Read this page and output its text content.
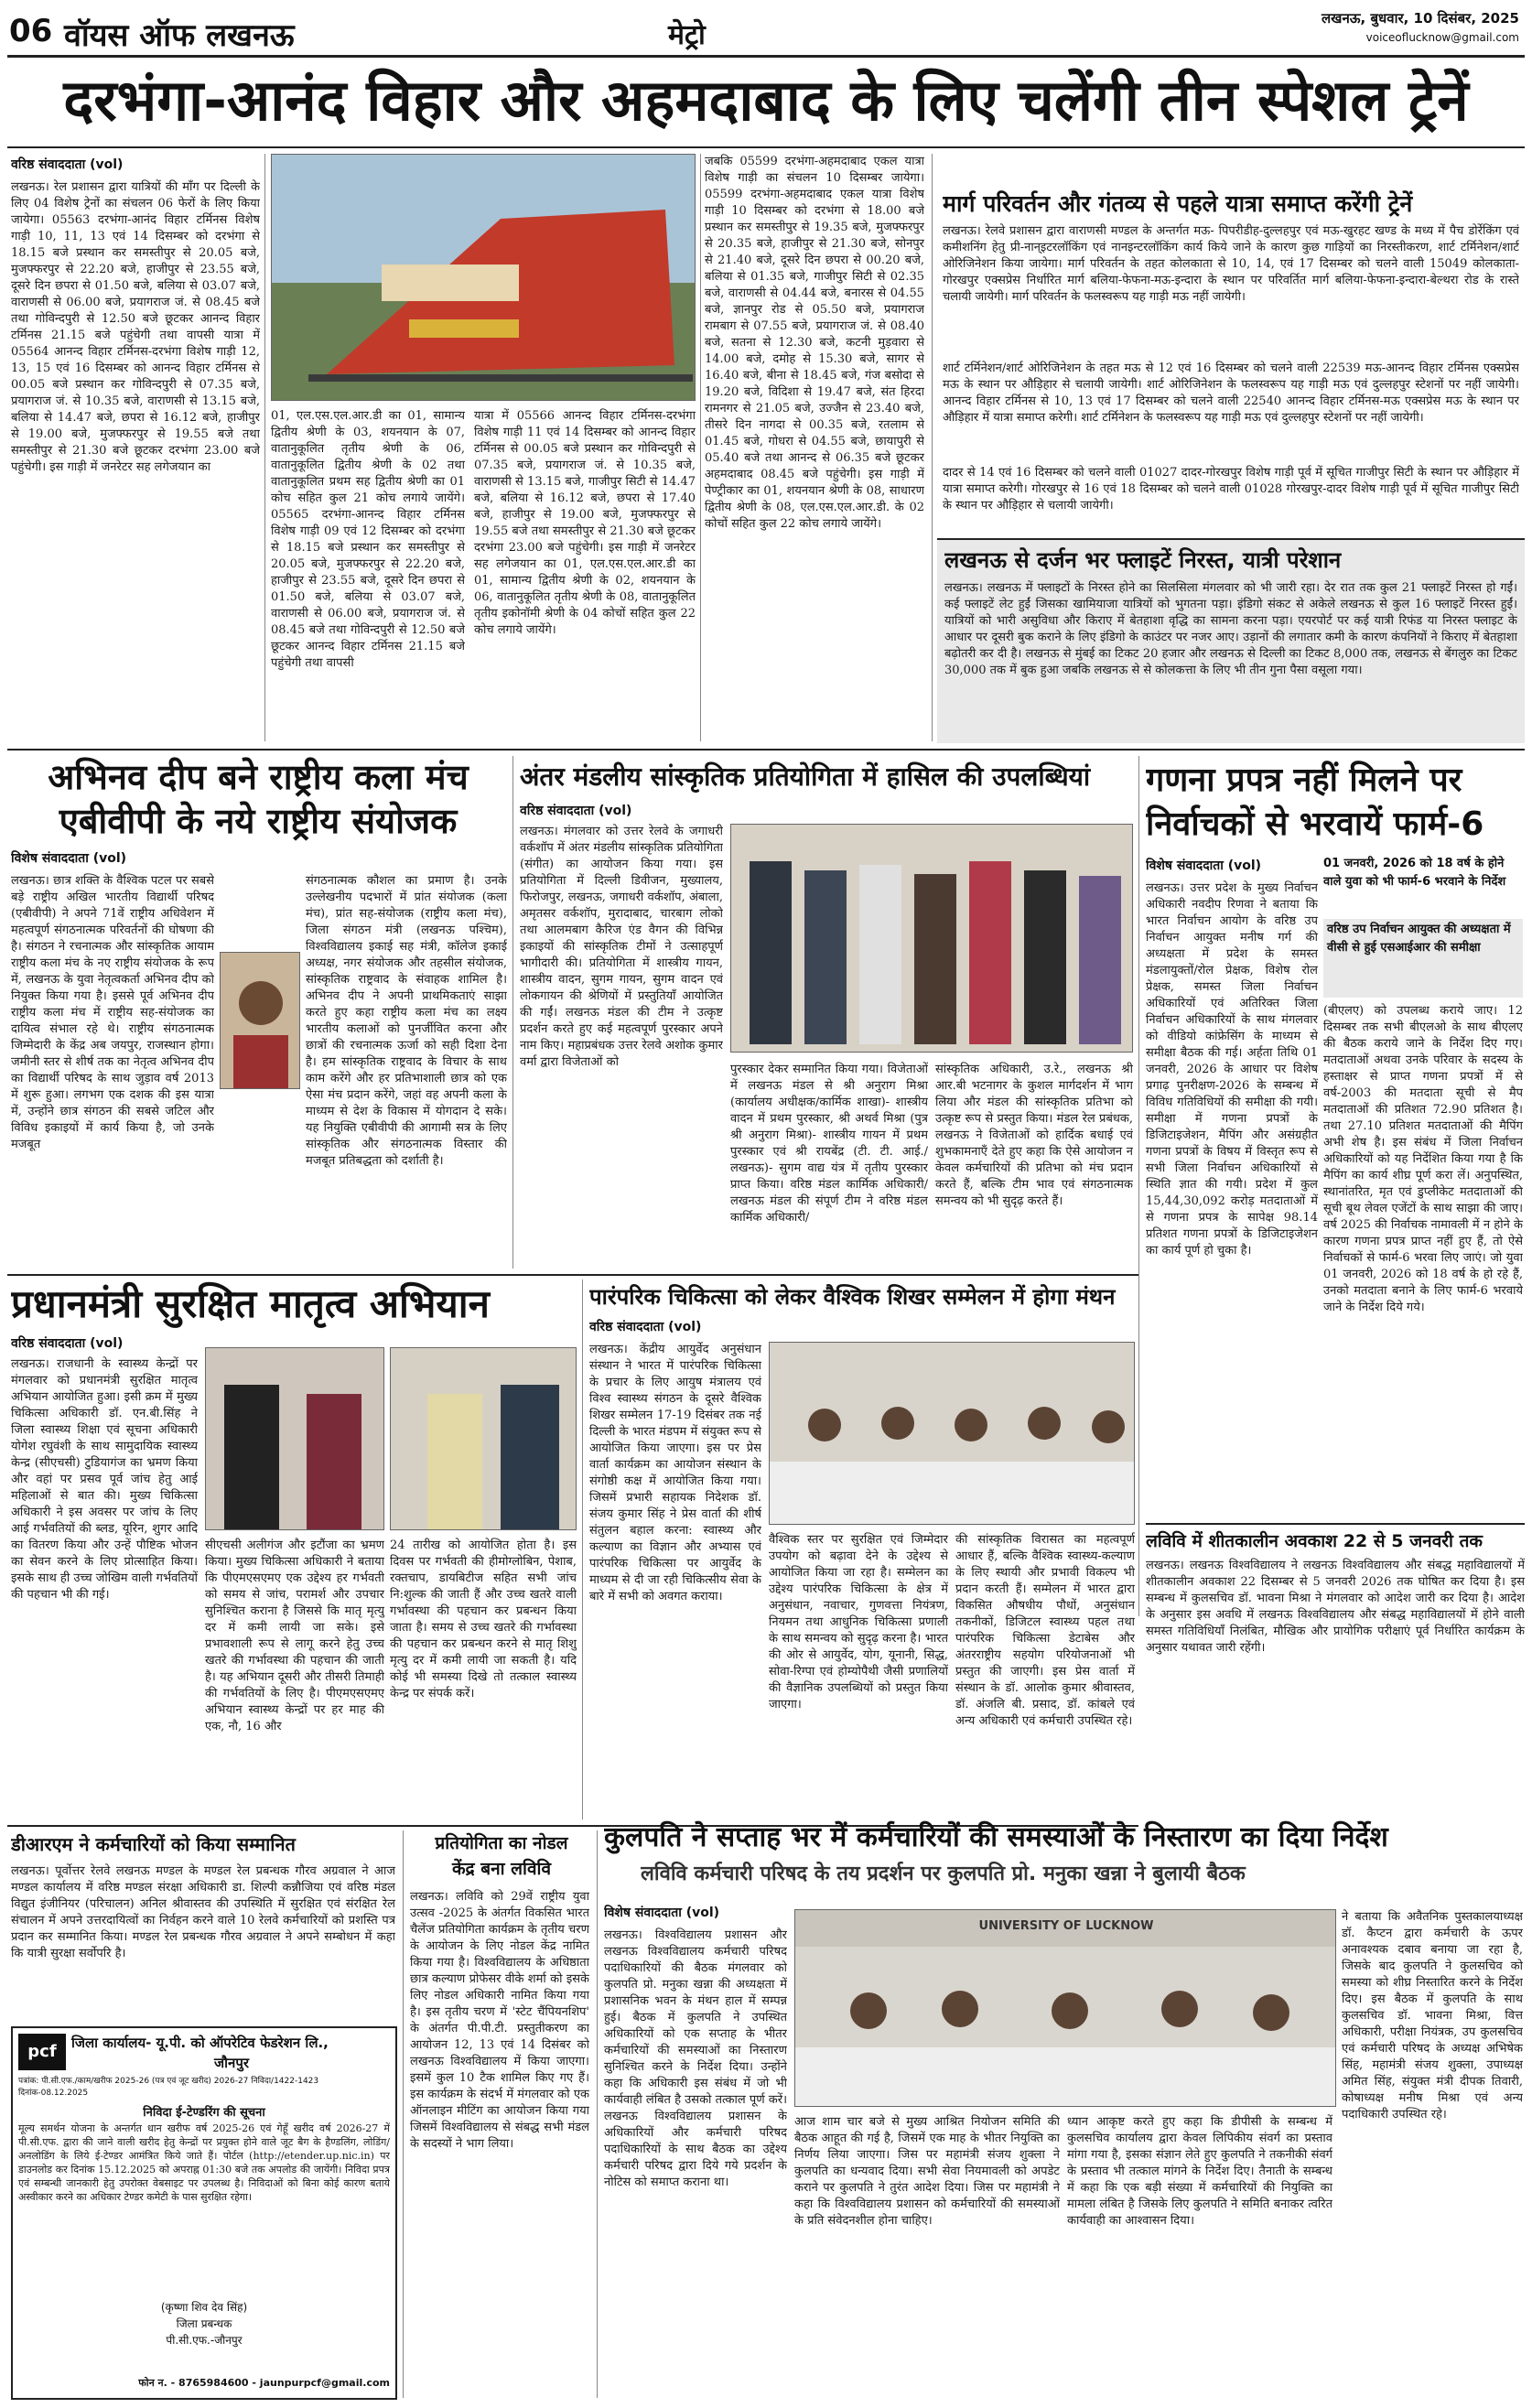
06 वॉयस ऑफ लखनऊ	मेट्रो
लखनऊ, बुधवार, 10 दिसंबर, 2025
voiceoflucknow@gmail.com
दरभंगा-आनंद विहार और अहमदाबाद के लिए चलेंगी तीन स्पेशल ट्रेनें
वरिष्ठ संवाददाता (vol)
लखनऊ। रेल प्रशासन द्वारा यात्रियों की माँग पर दिल्ली के लिए 04 विशेष ट्रेनों का संचलन 06 फेरों के लिए किया जायेगा। 05563 दरभंगा-आनंद विहार टर्मिनस विशेष गाड़ी 10, 11, 13 एवं 14 दिसम्बर को दरभंगा से 18.15 बजे प्रस्थान कर समस्तीपुर से 20.05 बजे, मुजफ्फरपुर से 22.20 बजे, हाजीपुर से 23.55 बजे, दूसरे दिन छपरा से 01.50 बजे, बलिया से 03.07 बजे, वाराणसी से 06.00 बजे, प्रयागराज जं. से 08.45 बजे तथा गोविन्दपुरी से 12.50 बजे छूटकर आनन्द विहार टर्मिनस 21.15 बजे पहुंचेगी तथा वापसी यात्रा में 05564 आनन्द विहार टर्मिनस-दरभंगा विशेष गाड़ी 12, 13, 15 एवं 16 दिसम्बर को आनन्द विहार टर्मिनस से 00.05 बजे प्रस्थान कर गोविन्दपुरी से 07.35 बजे, प्रयागराज जं. से 10.35 बजे, वाराणसी से 13.15 बजे, बलिया से 14.47 बजे, छपरा से 16.12 बजे, हाजीपुर से 19.00 बजे, मुजफ्फरपुर से 19.55 बजे तथा समस्तीपुर से 21.30 बजे छूटकर दरभंगा 23.00 बजे पहुंचेगी। इस गाड़ी में जनरेटर सह लगेजयान का
01, एल.एस.एल.आर.डी का 01, सामान्य द्वितीय श्रेणी के 03, शयनयान के 07, वातानुकूलित तृतीय श्रेणी के 06, वातानुकूलित द्वितीय श्रेणी के 02 तथा वातानुकूलित प्रथम सह द्वितीय श्रेणी का 01 कोच सहित कुल 21 कोच लगाये जायेंगे। 05565 दरभंगा-आनन्द विहार टर्मिनस विशेष गाड़ी 09 एवं 12 दिसम्बर को दरभंगा से 18.15 बजे प्रस्थान कर समस्तीपुर से 20.05 बजे, मुजफ्फरपुर से 22.20 बजे, हाजीपुर से 23.55 बजे, दूसरे दिन छपरा से 01.50 बजे, बलिया से 03.07 बजे, वाराणसी से 06.00 बजे, प्रयागराज जं. से 08.45 बजे तथा गोविन्दपुरी से 12.50 बजे छूटकर आनन्द विहार टर्मिनस 21.15 बजे पहुंचेगी तथा वापसी
यात्रा में 05566 आनन्द विहार टर्मिनस-दरभंगा विशेष गाड़ी 11 एवं 14 दिसम्बर को आनन्द विहार टर्मिनस से 00.05 बजे प्रस्थान कर गोविन्दपुरी से 07.35 बजे, प्रयागराज जं. से 10.35 बजे, वाराणसी से 13.15 बजे, गाजीपुर सिटी से 14.47 बजे, बलिया से 16.12 बजे, छपरा से 17.40 बजे, हाजीपुर से 19.00 बजे, मुजफ्फरपुर से 19.55 बजे तथा समस्तीपुर से 21.30 बजे छूटकर दरभंगा 23.00 बजे पहुंचेगी। इस गाड़ी में जनरेटर सह लगेजयान का 01, एल.एस.एल.आर.डी का 01, सामान्य द्वितीय श्रेणी के 02, शयनयान के 06, वातानुकूलित तृतीय श्रेणी के 08, वातानुकूलित तृतीय इकोनॉमी श्रेणी के 04 कोचों सहित कुल 22 कोच लगाये जायेंगे।
जबकि 05599 दरभंगा-अहमदाबाद एकल यात्रा विशेष गाड़ी का संचलन 10 दिसम्बर जायेगा। 05599 दरभंगा-अहमदाबाद एकल यात्रा विशेष गाड़ी 10 दिसम्बर को दरभंगा से 18.00 बजे प्रस्थान कर समस्तीपुर से 19.35 बजे, मुजफ्फरपुर से 20.35 बजे, हाजीपुर से 21.30 बजे, सोनपुर से 21.40 बजे, दूसरे दिन छपरा से 00.20 बजे, बलिया से 01.35 बजे, गाजीपुर सिटी से 02.35 बजे, वाराणसी से 04.44 बजे, बनारस से 04.55 बजे, ज्ञानपुर रोड से 05.50 बजे, प्रयागराज रामबाग से 07.55 बजे, प्रयागराज जं. से 08.40 बजे, सतना से 12.30 बजे, कटनी मुड़वारा से 14.00 बजे, दमोह से 15.30 बजे, सागर से 16.40 बजे, बीना से 18.45 बजे, गंज बसोदा से 19.20 बजे, विदिशा से 19.47 बजे, संत हिरदा रामनगर से 21.05 बजे, उज्जैन से 23.40 बजे, तीसरे दिन नागदा से 00.35 बजे, रतलाम से 01.45 बजे, गोधरा से 04.55 बजे, छायापुरी से 05.40 बजे तथा आनन्द से 06.35 बजे छूटकर अहमदाबाद 08.45 बजे पहुंचेगी। इस गाड़ी में पेण्ट्रीकार का 01, शयनयान श्रेणी के 08, साधारण द्वितीय श्रेणी के 08, एल.एस.एल.आर.डी. के 02 कोचों सहित कुल 22 कोच लगाये जायेंगे।
मार्ग परिवर्तन और गंतव्य से पहले यात्रा समाप्त करेंगी ट्रेनें
लखनऊ। रेलवे प्रशासन द्वारा वाराणसी मण्डल के अन्तर्गत मऊ- पिपरीडीह-दुल्लहपुर एवं मऊ-खुरहट खण्ड के मध्य में पैच डोर्रेकिंग एवं कमीशनिंग हेतु प्री-नान्इटरलॉकिंग एवं नानइन्टरलॉकिंग कार्य किये जाने के कारण कुछ गाड़ियों का निरस्तीकरण, शार्ट टर्मिनेशन/शार्ट ओरिजिनेशन किया जायेगा। मार्ग परिवर्तन के तहत कोलकाता से 10, 14, एवं 17 दिसम्बर को चलने वाली 15049 कोलकाता-गोरखपुर एक्सप्रेस निर्धारित मार्ग बलिया-फेफना-मऊ-इन्दारा के स्थान पर परिवर्तित मार्ग बलिया-फेफना-इन्दारा-बेल्थरा रोड के रास्ते चलायी जायेगी। मार्ग परिवर्तन के फलस्वरूप यह गाड़ी मऊ नहीं जायेगी।
शार्ट टर्मिनेशन/शार्ट ओरिजिनेशन के तहत मऊ से 12 एवं 16 दिसम्बर को चलने वाली 22539 मऊ-आनन्द विहार टर्मिनस एक्सप्रेस मऊ के स्थान पर औड़िहार से चलायी जायेगी। शार्ट ओरिजिनेशन के फलस्वरूप यह गाड़ी मऊ एवं दुल्लहपुर स्टेशनों पर नहीं जायेगी। आनन्द विहार टर्मिनस से 10, 13 एवं 17 दिसम्बर को चलने वाली 22540 आनन्द विहार टर्मिनस-मऊ एक्सप्रेस मऊ के स्थान पर औड़िहार में यात्रा समाप्त करेगी। शार्ट टर्मिनेशन के फलस्वरूप यह गाड़ी मऊ एवं दुल्लहपुर स्टेशनों पर नहीं जायेगी।
दादर से 14 एवं 16 दिसम्बर को चलने वाली 01027 दादर-गोरखपुर विशेष गाड़ी पूर्व में सूचित गाजीपुर सिटी के स्थान पर औड़िहार में यात्रा समाप्त करेगी। गोरखपुर से 16 एवं 18 दिसम्बर को चलने वाली 01028 गोरखपुर-दादर विशेष गाड़ी पूर्व में सूचित गाजीपुर सिटी के स्थान पर औड़िहार से चलायी जायेगी।
लखनऊ से दर्जन भर फ्लाइटें निरस्त, यात्री परेशान
लखनऊ। लखनऊ में फ्लाइटों के निरस्त होने का सिलसिला मंगलवार को भी जारी रहा। देर रात तक कुल 21 फ्लाइटें निरस्त हो गईं। कई फ्लाइटें लेट हुईं जिसका खामियाजा यात्रियों को भुगतना पड़ा। इंडिगो संकट से अकेले लखनऊ से कुल 16 फ्लाइटें निरस्त हुईं। यात्रियों को भारी असुविधा और किराए में बेतहाशा वृद्धि का सामना करना पड़ा। एयरपोर्ट पर कई यात्री रिफंड या निरस्त फ्लाइट के आधार पर दूसरी बुक कराने के लिए इंडिगो के काउंटर पर नजर आए। उड़ानों की लगातार कमी के कारण कंपनियों ने किराए में बेतहाशा बढ़ोतरी कर दी है। लखनऊ से मुंबई का टिकट 20 हजार और लखनऊ से दिल्ली का टिकट 8,000 तक, लखनऊ से बेंगलुरु का टिकट 30,000 तक में बुक हुआ जबकि लखनऊ से से कोलकत्ता के लिए भी तीन गुना पैसा वसूला गया।
अभिनव दीप बने राष्ट्रीय कला मंच
एबीवीपी के नये राष्ट्रीय संयोजक
विशेष संवाददाता (vol)
लखनऊ। छात्र शक्ति के वैश्विक पटल पर सबसे बड़े राष्ट्रीय अखिल भारतीय विद्यार्थी परिषद (एबीवीपी) ने अपने 71वें राष्ट्रीय अधिवेशन में महत्वपूर्ण संगठनात्मक परिवर्तनों की घोषणा की है। संगठन ने रचनात्मक और सांस्कृतिक आयाम राष्ट्रीय कला मंच के नए राष्ट्रीय संयोजक के रूप में, लखनऊ के युवा नेतृत्वकर्ता अभिनव दीप को नियुक्त किया गया है। इससे पूर्व अभिनव दीप राष्ट्रीय कला मंच में राष्ट्रीय सह-संयोजक का दायित्व संभाल रहे थे। राष्ट्रीय संगठनात्मक जिम्मेदारी के केंद्र अब जयपुर, राजस्थान होगा। जमीनी स्तर से शीर्ष तक का नेतृत्व अभिनव दीप का विद्यार्थी परिषद के साथ जुड़ाव वर्ष 2013 में शुरू हुआ। लगभग एक दशक की इस यात्रा में, उन्होंने छात्र संगठन की सबसे जटिल और विविध इकाइयों में कार्य किया है, जो उनके मजबूत
संगठनात्मक कौशल का प्रमाण है। उनके उल्लेखनीय पदभारों में प्रांत संयोजक (कला मंच), प्रांत सह-संयोजक (राष्ट्रीय कला मंच), जिला संगठन मंत्री (लखनऊ पश्चिम), विश्वविद्यालय इकाई सह मंत्री, कॉलेज इकाई अध्यक्ष, नगर संयोजक और तहसील संयोजक, सांस्कृतिक राष्ट्रवाद के संवाहक शामिल है। अभिनव दीप ने अपनी प्राथमिकताएं साझा करते हुए कहा राष्ट्रीय कला मंच का लक्ष्य भारतीय कलाओं को पुनर्जीवित करना और छात्रों की रचनात्मक ऊर्जा को सही दिशा देना है। हम सांस्कृतिक राष्ट्रवाद के विचार के साथ काम करेंगे और हर प्रतिभाशाली छात्र को एक ऐसा मंच प्रदान करेंगे, जहां वह अपनी कला के माध्यम से देश के विकास में योगदान दे सके। यह नियुक्ति एबीवीपी की आगामी सत्र के लिए सांस्कृतिक और संगठनात्मक विस्तार की मजबूत प्रतिबद्धता को दर्शाती है।
अंतर मंडलीय सांस्कृतिक प्रतियोगिता में हासिल की उपलब्धियां
वरिष्ठ संवाददाता (vol)
लखनऊ। मंगलवार को उत्तर रेलवे के जगाधरी वर्कशॉप में अंतर मंडलीय सांस्कृतिक प्रतियोगिता (संगीत) का आयोजन किया गया। इस प्रतियोगिता में दिल्ली डिवीजन, मुख्यालय, फिरोजपुर, लखनऊ, जगाधरी वर्कशॉप, अंबाला, अमृतसर वर्कशॉप, मुरादाबाद, चारबाग लोको तथा आलमबाग कैरिज एंड वैगन की विभिन्न इकाइयों की सांस्कृतिक टीमों ने उत्साहपूर्ण भागीदारी की। प्रतियोगिता में शास्त्रीय गायन, शास्त्रीय वादन, सुगम गायन, सुगम वादन एवं लोकगायन की श्रेणियों में प्रस्तुतियाँ आयोजित की गईं। लखनऊ मंडल की टीम ने उत्कृष्ट प्रदर्शन करते हुए कई महत्वपूर्ण पुरस्कार अपने नाम किए। महाप्रबंधक उत्तर रेलवे अशोक कुमार वर्मा द्वारा विजेताओं को
पुरस्कार देकर सम्मानित किया गया। विजेताओं में लखनऊ मंडल से श्री अनुराग मिश्रा (कार्यालय अधीक्षक/कार्मिक शाखा)- शास्त्रीय वादन में प्रथम पुरस्कार, श्री अथर्व मिश्रा (पुत्र श्री अनुराग मिश्रा)- शास्त्रीय गायन में प्रथम पुरस्कार एवं श्री रायबेंद्र (टी. टी. आई./लखनऊ)- सुगम वाद्य यंत्र में तृतीय पुरस्कार प्राप्त किया। वरिष्ठ मंडल कार्मिक अधिकारी/लखनऊ मंडल की संपूर्ण टीम ने वरिष्ठ मंडल कार्मिक अधिकारी/
सांस्कृतिक अधिकारी, उ.रे., लखनऊ श्री आर.बी भटनागर के कुशल मार्गदर्शन में भाग लिया और मंडल की सांस्कृतिक प्रतिभा को उत्कृष्ट रूप से प्रस्तुत किया। मंडल रेल प्रबंधक, लखनऊ ने विजेताओं को हार्दिक बधाई एवं शुभकामनाएँ देते हुए कहा कि ऐसे आयोजन न केवल कर्मचारियों की प्रतिभा को मंच प्रदान करते हैं, बल्कि टीम भाव एवं संगठनात्मक समन्वय को भी सुदृढ़ करते हैं।
गणना प्रपत्र नहीं मिलने पर
निर्वाचकों से भरवायें फार्म-6
विशेष संवाददाता (vol)	01 जनवरी, 2026 को 18 वर्ष के होने वाले युवा को भी फार्म-6 भरवाने के निर्देश
वरिष्ठ उप निर्वाचन आयुक्त की अध्यक्षता में वीसी से हुई एसआईआर की समीक्षा
लखनऊ। उत्तर प्रदेश के मुख्य निर्वाचन अधिकारी नवदीप रिणवा ने बताया कि भारत निर्वाचन आयोग के वरिष्ठ उप निर्वाचन आयुक्त मनीष गर्ग की अध्यक्षता में प्रदेश के समस्त मंडलायुक्तों/रोल प्रेक्षक, विशेष रोल प्रेक्षक, समस्त जिला निर्वाचन अधिकारियों एवं अतिरिक्त जिला निर्वाचन अधिकारियों के साथ मंगलवार को वीडियो कांफ्रेसिंग के माध्यम से समीक्षा बैठक की गई। अर्हता तिथि 01 जनवरी, 2026 के आधार पर विशेष प्रगाढ़ पुनरीक्षण-2026 के सम्बन्ध में विविध गतिविधियों की समीक्षा की गयी। समीक्षा में गणना प्रपत्रों के डिजिटाइजेशन, मैपिंग और असंग्रहीत गणना प्रपत्रों के विषय में विस्तृत रूप से सभी जिला निर्वाचन अधिकारियों से स्थिति ज्ञात की गयी। प्रदेश में कुल 15,44,30,092 करोड़ मतदाताओं में से गणना प्रपत्र के सापेक्ष 98.14 प्रतिशत गणना प्रपत्रों के डिजिटाइजेशन का कार्य पूर्ण हो चुका है।
(बीएलए) को उपलब्ध कराये जाए। 12 दिसम्बर तक सभी बीएलओ के साथ बीएलए की बैठक कराये जाने के निर्देश दिए गए। मतदाताओं अथवा उनके परिवार के सदस्य के हस्ताक्षर से प्राप्त गणना प्रपत्रों में से वर्ष-2003 की मतदाता सूची से मैप मतदाताओं की प्रतिशत 72.90 प्रतिशत है। तथा 27.10 प्रतिशत मतदाताओं की मैपिंग अभी शेष है। इस संबंध में जिला निर्वाचन अधिकारियों को यह निर्देशित किया गया है कि मैपिंग का कार्य शीघ्र पूर्ण करा लें। अनुपस्थित, स्थानांतरित, मृत एवं डुप्लीकेट मतदाताओं की सूची बूथ लेवल एजेंटों के साथ साझा की जाए। वर्ष 2025 की निर्वाचक नामावली में न होने के कारण गणना प्रपत्र प्राप्त नहीं हुए हैं, तो ऐसे निर्वाचकों से फार्म-6 भरवा लिए जाएं। जो युवा 01 जनवरी, 2026 को 18 वर्ष के हो रहे हैं, उनको मतदाता बनाने के लिए फार्म-6 भरवाये जाने के निर्देश दिये गये।
लविवि में शीतकालीन अवकाश 22 से 5 जनवरी तक
लखनऊ। लखनऊ विश्वविद्यालय ने लखनऊ विश्वविद्यालय और संबद्ध महाविद्यालयों में शीतकालीन अवकाश 22 दिसम्बर से 5 जनवरी 2026 तक घोषित कर दिया है। इस सम्बन्ध में कुलसचिव डॉ. भावना मिश्रा ने मंगलवार को आदेश जारी कर दिया है। आदेश के अनुसार इस अवधि में लखनऊ विश्वविद्यालय और संबद्ध महाविद्यालयों में होने वाली समस्त गतिविधियाँ निलंबित, मौखिक और प्रायोगिक परीक्षाएं पूर्व निर्धारित कार्यक्रम के अनुसार यथावत जारी रहेंगी।
प्रधानमंत्री सुरक्षित मातृत्व अभियान
वरिष्ठ संवाददाता (vol)
लखनऊ। राजधानी के स्वास्थ्य केन्द्रों पर मंगलवार को प्रधानमंत्री सुरक्षित मातृत्व अभियान आयोजित हुआ। इसी क्रम में मुख्य चिकित्सा अधिकारी डॉ. एन.बी.सिंह ने जिला स्वास्थ्य शिक्षा एवं सूचना अधिकारी योगेश रघुवंशी के साथ सामुदायिक स्वास्थ्य केन्द्र (सीएचसी) टुडियागंज का भ्रमण किया और वहां पर प्रसव पूर्व जांच हेतु आई महिलाओं से बात की। मुख्य चिकित्सा अधिकारी ने इस अवसर पर जांच के लिए आई गर्भवतियों की ब्लड, यूरिन, शुगर आदि का वितरण किया और उन्हें पौष्टिक भोजन का सेवन करने के लिए प्रोत्साहित किया। इसके साथ ही उच्च जोखिम वाली गर्भवतियों की पहचान भी की गई।
सीएचसी अलीगंज और इटौंजा का भ्रमण किया। मुख्य चिकित्सा अधिकारी ने बताया कि पीएमएसएमए एक उद्देश्य हर गर्भवती को समय से जांच, परामर्श और उपचार सुनिश्चित कराना है जिससे कि मातृ मृत्यु दर में कमी लायी जा सके। इसे प्रभावशाली रूप से लागू करने हेतु उच्च खतरे की गर्भावस्था की पहचान की जाती है। यह अभियान दूसरी और तीसरी तिमाही की गर्भवतियों के लिए है। पीएमएसएमए अभियान स्वास्थ्य केन्द्रों पर हर माह की एक, नौ, 16 और
24 तारीख को आयोजित होता है। इस दिवस पर गर्भवती की हीमोग्लोबिन, पेशाब, रक्तचाप, डायबिटीज सहित सभी जांच नि:शुल्क की जाती हैं और उच्च खतरे वाली गर्भावस्था की पहचान कर प्रबन्धन किया जाता है। समय से उच्च खतरे की गर्भावस्था की पहचान कर प्रबन्धन करने से मातृ शिशु मृत्यु दर में कमी लायी जा सकती है। यदि कोई भी समस्या दिखे तो तत्काल स्वास्थ्य केन्द्र पर संपर्क करें।
पारंपरिक चिकित्सा को लेकर वैश्विक शिखर सम्मेलन में होगा मंथन
वरिष्ठ संवाददाता (vol)
लखनऊ। केंद्रीय आयुर्वेद अनुसंधान संस्थान ने भारत में पारंपरिक चिकित्सा के प्रचार के लिए आयुष मंत्रालय एवं विश्व स्वास्थ्य संगठन के दूसरे वैश्विक शिखर सम्मेलन 17-19 दिसंबर तक नई दिल्ली के भारत मंडपम में संयुक्त रूप से आयोजित किया जाएगा। इस पर प्रेस वार्ता कार्यक्रम का आयोजन संस्थान के संगोष्ठी कक्ष में आयोजित किया गया। जिसमें प्रभारी सहायक निदेशक डॉ. संजय कुमार सिंह ने प्रेस वार्ता की शीर्ष संतुलन बहाल करना: स्वास्थ्य और कल्याण का विज्ञान और अभ्यास एवं पारंपरिक चिकित्सा पर आयुर्वेद के माध्यम से दी जा रही चिकित्सीय सेवा के बारे में सभी को अवगत कराया।
वैश्विक स्तर पर सुरक्षित एवं जिम्मेदार उपयोग को बढ़ावा देने के उद्देश्य से आयोजित किया जा रहा है। सम्मेलन का उद्देश्य पारंपरिक चिकित्सा के क्षेत्र में अनुसंधान, नवाचार, गुणवत्ता नियंत्रण, नियमन तथा आधुनिक चिकित्सा प्रणाली के साथ समन्वय को सुदृढ़ करना है। भारत की ओर से आयुर्वेद, योग, यूनानी, सिद्ध, सोवा-रिग्पा एवं होम्योपैथी जैसी प्रणालियों की वैज्ञानिक उपलब्धियों को प्रस्तुत किया जाएगा।
की सांस्कृतिक विरासत का महत्वपूर्ण आधार हैं, बल्कि वैश्विक स्वास्थ्य-कल्याण के लिए स्थायी और प्रभावी विकल्प भी प्रदान करती हैं। सम्मेलन में भारत द्वारा विकसित औषधीय पौधों, अनुसंधान तकनीकों, डिजिटल स्वास्थ्य पहल तथा पारंपरिक चिकित्सा डेटाबेस और अंतरराष्ट्रीय सहयोग परियोजनाओं भी प्रस्तुत की जाएगी। इस प्रेस वार्ता में संस्थान के डॉ. आलोक कुमार श्रीवास्तव, डॉ. अंजलि बी. प्रसाद, डॉ. कांबले एवं अन्य अधिकारी एवं कर्मचारी उपस्थित रहे।
डीआरएम ने कर्मचारियों को किया सम्मानित
लखनऊ। पूर्वोत्तर रेलवे लखनऊ मण्डल के मण्डल रेल प्रबन्धक गौरव अग्रवाल ने आज मण्डल कार्यालय में वरिष्ठ मण्डल संरक्षा अधिकारी डा. शिल्पी कन्नौजिया एवं वरिष्ठ मंडल विद्युत इंजीनियर (परिचालन) अनिल श्रीवास्तव की उपस्थिति में सुरक्षित एवं संरक्षित रेल संचालन में अपने उत्तरदायित्वों का निर्वहन करने वाले 10 रेलवे कर्मचारियों को प्रशस्ति पत्र प्रदान कर सम्मानित किया। मण्डल रेल प्रबन्धक गौरव अग्रवाल ने अपने सम्बोधन में कहा कि यात्री सुरक्षा सर्वोपरि है।
प्रतियोगिता का नोडल
केंद्र बना लविवि
लखनऊ। लविवि को 29वें राष्ट्रीय युवा उत्सव -2025 के अंतर्गत विकसित भारत चैलेंज प्रतियोगिता कार्यक्रम के तृतीय चरण के आयोजन के लिए नोडल केंद्र नामित किया गया है। विश्वविद्यालय के अधिष्ठाता छात्र कल्याण प्रोफेसर वीके शर्मा को इसके लिए नोडल अधिकारी नामित किया गया है। इस तृतीय चरण में 'स्टेट चैंपियनशिप' के अंतर्गत पी.पी.टी. प्रस्तुतीकरण का आयोजन 12, 13 एवं 14 दिसंबर को लखनऊ विश्वविद्यालय में किया जाएगा। इसमें कुल 10 टैक शामिल किए गए हैं। इस कार्यक्रम के संदर्भ में मंगलवार को एक ऑनलाइन मीटिंग का आयोजन किया गया जिसमें विश्वविद्यालय से संबद्ध सभी मंडल के सदस्यों ने भाग लिया।
pcf	जिला कार्यालय- यू.पी. को ऑपरेटिव फेडरेशन लि.,
जौनपुर
पत्रांक: पी.सी.एफ./काम/खरीफ 2025-26 (पत्र एवं जूट खरीद) 2026-27 निविदा/1422-1423 दिनांक-08.12.2025
निविदा ई-टेण्डरिंग की सूचना
मूल्य समर्थन योजना के अन्तर्गत धान खरीफ वर्ष 2025-26 एवं गेहूँ खरीद वर्ष 2026-27 में पी.सी.एफ. द्वारा की जाने वाली खरीद हेतु केन्द्रों पर प्रयुक्त होने वाले जूट बैग के हैण्डलिंग, लोडिंग/अनलोडिंग के लिये ई-टेण्डर आमंत्रित किये जाते हैं। पोर्टल (http://etender.up.nic.in) पर डाउनलोड कर दिनांक 15.12.2025 को अपराह्न 01:30 बजे तक अपलोड की जायेंगी। निविदा प्रपत्र एवं सम्बन्धी जानकारी हेतु उपरोक्त वेबसाइट पर उपलब्ध है। निविदाओं को बिना कोई कारण बताये अस्वीकार करने का अधिकार टेण्डर कमेटी के पास सुरक्षित रहेगा।
(कृष्णा शिव देव सिंह)
जिला प्रबन्धक
पी.सी.एफ.-जौनपुर
फोन न. - 8765984600 - jaunpurpcf@gmail.com
कुलपति ने सप्ताह भर में कर्मचारियों की समस्याओं के निस्तारण का दिया निर्देश
लविवि कर्मचारी परिषद के तय प्रदर्शन पर कुलपति प्रो. मनुका खन्ना ने बुलायी बैठक
विशेष संवाददाता (vol)
लखनऊ। विश्वविद्यालय प्रशासन और लखनऊ विश्वविद्यालय कर्मचारी परिषद पदाधिकारियों की बैठक मंगलवार को कुलपति प्रो. मनुका खन्ना की अध्यक्षता में प्रशासनिक भवन के मंथन हाल में सम्पन्न हुई। बैठक में कुलपति ने उपस्थित अधिकारियों को एक सप्ताह के भीतर कर्मचारियों की समस्याओं का निस्तारण सुनिश्चित करने के निर्देश दिया। उन्होंने कहा कि अधिकारी इस संबंध में जो भी कार्यवाही लंबित है उसको तत्काल पूर्ण करें। लखनऊ विश्वविद्यालय प्रशासन के अधिकारियों और कर्मचारी परिषद पदाधिकारियों के साथ बैठक का उद्देश्य कर्मचारी परिषद द्वारा दिये गये प्रदर्शन के नोटिस को समाप्त कराना था।
UNIVERSITY OF LUCKNOW
आज शाम चार बजे से मुख्य आश्रित नियोजन समिति की बैठक आहूत की गई है, जिसमें एक माह के भीतर नियुक्ति का निर्णय लिया जाएगा। जिस पर महामंत्री संजय शुक्ला ने कुलपति का धन्यवाद दिया। सभी सेवा नियमावली को अपडेट कराने पर कुलपति ने तुरंत आदेश दिया। जिस पर महामंत्री ने कहा कि विश्वविद्यालय प्रशासन को कर्मचारियों की समस्याओं के प्रति संवेदनशील होना चाहिए।
ध्यान आकृष्ट करते हुए कहा कि डीपीसी के सम्बन्ध में कुलसचिव कार्यालय द्वारा केवल लिपिकीय संवर्ग का प्रस्ताव मांगा गया है, इसका संज्ञान लेते हुए कुलपति ने तकनीकी संवर्ग के प्रस्ताव भी तत्काल मांगने के निर्देश दिए। तैनाती के सम्बन्ध में कहा कि एक बड़ी संख्या में कर्मचारियों की नियुक्ति का मामला लंबित है जिसके लिए कुलपति ने समिति बनाकर त्वरित कार्यवाही का आश्वासन दिया।
ने बताया कि अवैतनिक पुस्तकालयाध्यक्ष डॉ. कैप्टन द्वारा कर्मचारी के ऊपर अनावश्यक दबाव बनाया जा रहा है, जिसके बाद कुलपति ने कुलसचिव को समस्या को शीघ्र निस्तारित करने के निर्देश दिए। इस बैठक में कुलपति के साथ कुलसचिव डॉ. भावना मिश्रा, वित्त अधिकारी, परीक्षा नियंत्रक, उप कुलसचिव एवं कर्मचारी परिषद के अध्यक्ष अभिषेक सिंह, महामंत्री संजय शुक्ला, उपाध्यक्ष अमित सिंह, संयुक्त मंत्री दीपक तिवारी, कोषाध्यक्ष मनीष मिश्रा एवं अन्य पदाधिकारी उपस्थित रहे।
